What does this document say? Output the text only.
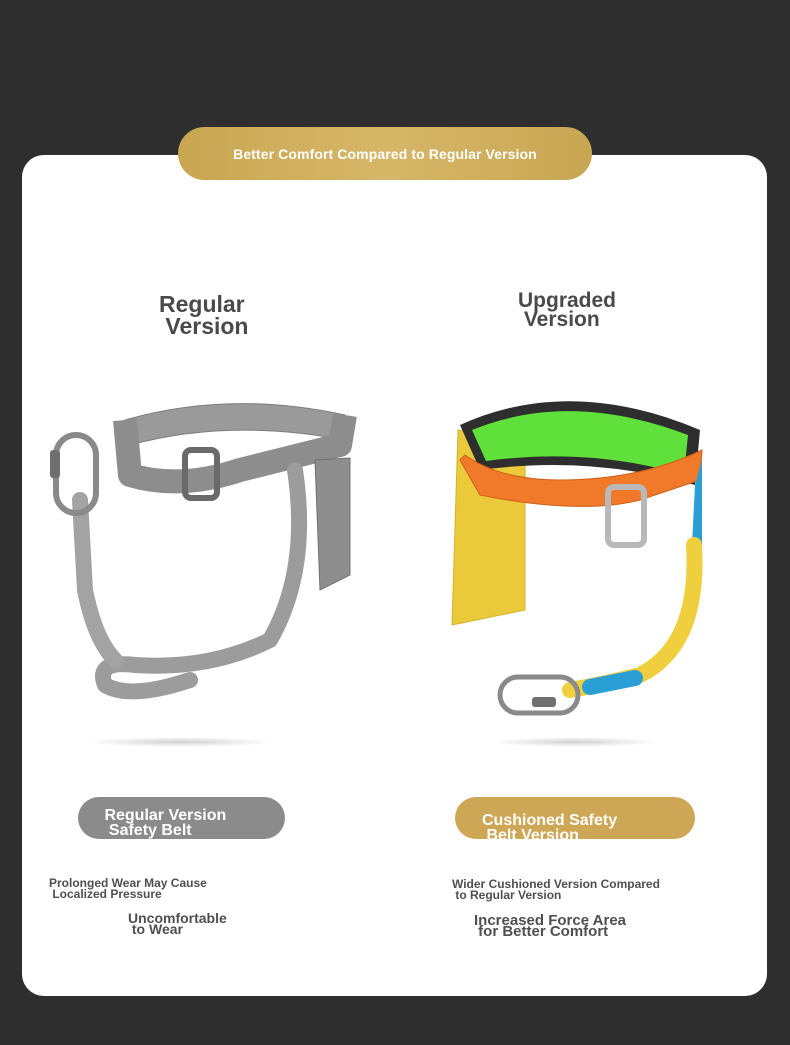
Better Comfort Compared to Regular Version
Regular
Version
Upgraded
Version
Regular Version
Safety Belt
Cushioned Safety
Belt Version
Prolonged Wear May Cause
Localized Pressure
Uncomfortable
to Wear
Wider Cushioned Version Compared
to Regular Version
Increased Force Area
for Better Comfort
